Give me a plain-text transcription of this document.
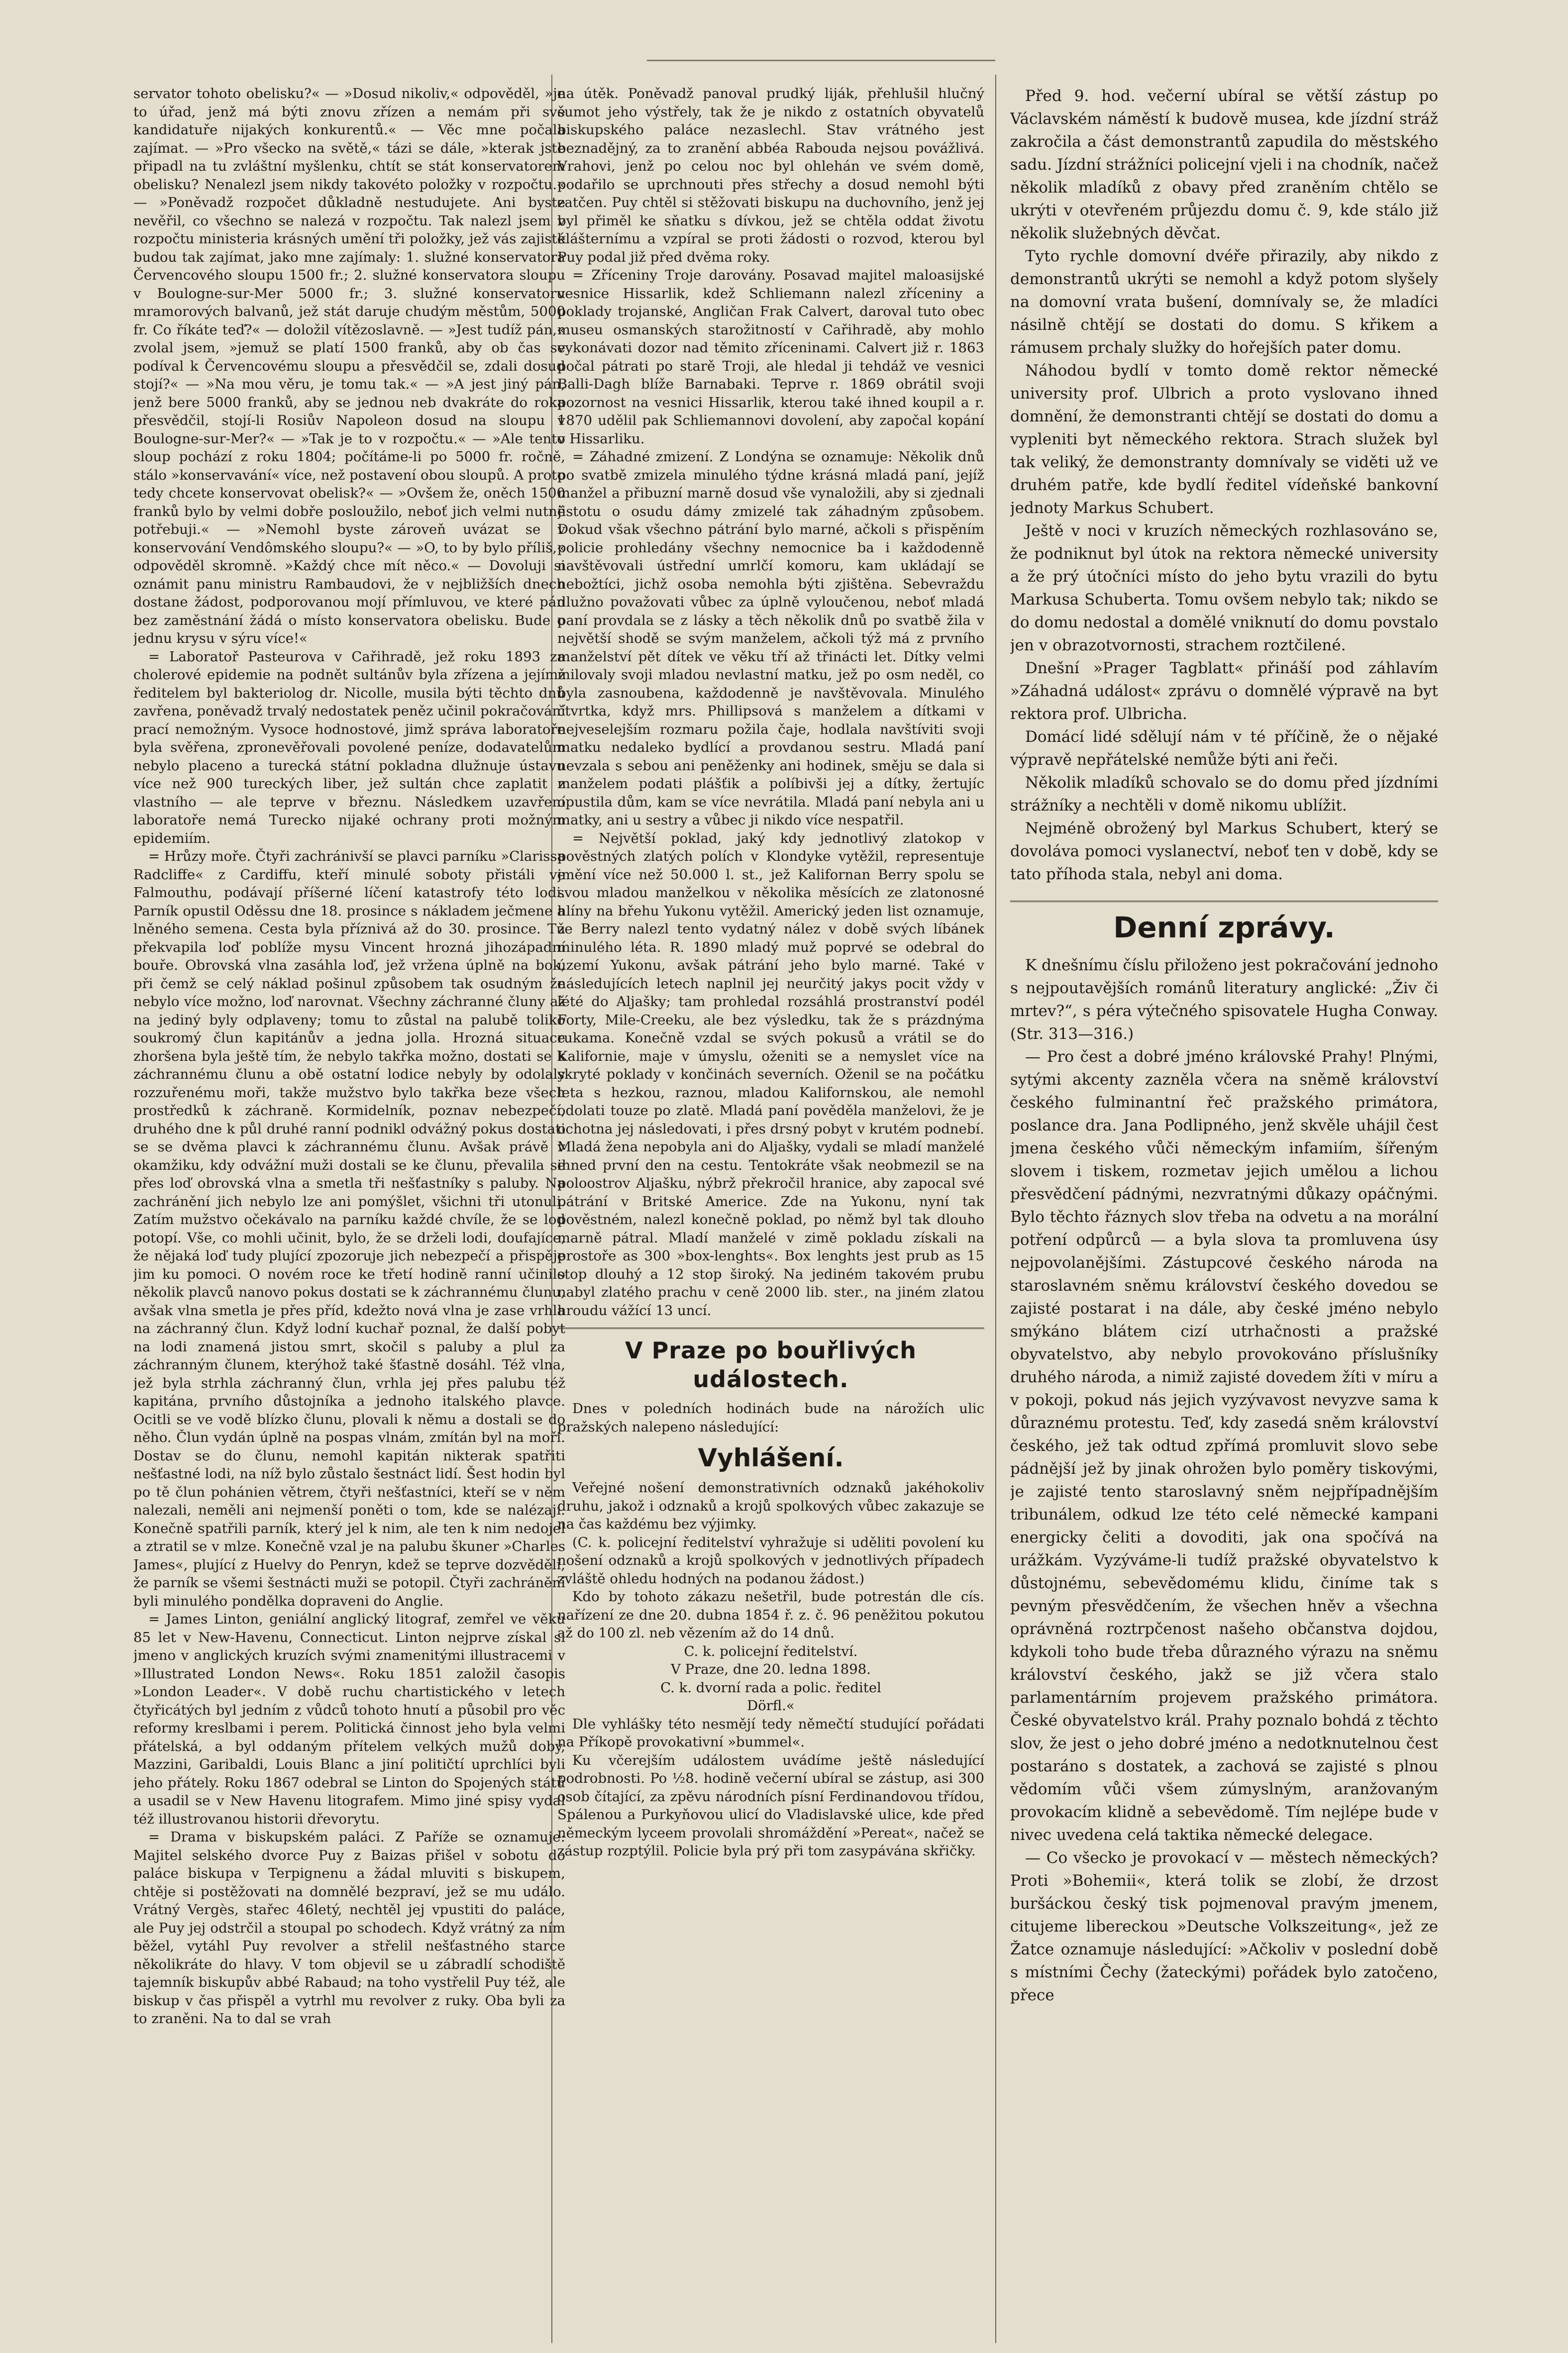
servator tohoto obelisku?« — »Dosud nikoliv,« odpověděl, »je to úřad, jenž má býti znovu zřízen a nemám při své kandidatuře nijakých konkurentů.« — Věc mne počala zajímat. — »Pro všecko na světě,« tázi se dále, »kterak jste připadl na tu zvláštní myšlenku, chtít se stát konservatorem obelisku? Nenalezl jsem nikdy takovéto položky v rozpočtu.« — »Poněvadž rozpočet důkladně nestudujete. Ani byste nevěřil, co všechno se nalezá v rozpočtu. Tak nalezl jsem v rozpočtu ministeria krásných umění tři položky, jež vás zajisté budou tak zajímat, jako mne zajímaly: 1. služné konservatora Červencového sloupu 1500 fr.; 2. služné konservatora sloupu v Boulogne-sur-Mer 5000 fr.; 3. služné konservatoru mramorových balvanů, jež stát daruje chudým městům, 5000 fr. Co říkáte teď?« — doložil vítězoslavně. — »Jest tudíž pán,« zvolal jsem, »jemuž se platí 1500 franků, aby ob čas se podíval k Červencovému sloupu a přesvědčil se, zdali dosud stojí?« — »Na mou věru, je tomu tak.« — »A jest jiný pán, jenž bere 5000 franků, aby se jednou neb dvakráte do roka přesvědčil, stojí-li Rosiův Napoleon dosud na sloupu v Boulogne-sur-Mer?« — »Tak je to v rozpočtu.« — »Ale tento sloup pochází z roku 1804; počítáme-li po 5000 fr. ročně, stálo »konservavání« více, než postavení obou sloupů. A proto tedy chcete konservovat obelisk?« — »Ovšem že, oněch 1500 franků bylo by velmi dobře posloužilo, neboť jich velmi nutně potřebuji.« — »Nemohl byste zároveň uvázat se v konservování Vendômského sloupu?« — »O, to by bylo příliš,« odpověděl skromně. »Každý chce mít něco.« — Dovoluji si oznámit panu ministru Rambaudovi, že v nejbližších dnech dostane žádost, podporovanou mojí přímluvou, ve které pán bez zaměstnání žádá o místo konservatora obelisku. Bude o jednu krysu v sýru více!«

= Laboratoř Pasteurova v Cařihradě, jež roku 1893 za cholerové epidemie na podnět sultánův byla zřízena a jejímž ředitelem byl bakteriolog dr. Nicolle, musila býti těchto dnů zavřena, poněvadž trvalý nedostatek peněz učinil pokračování prací nemožným. Vysoce hodnostové, jimž správa laboratoře byla svěřena, zpronevěřovali povolené peníze, dodavatelům nebylo placeno a turecká státní pokladna dlužnuje ústavu více než 900 tureckých liber, jež sultán chce zaplatit z vlastního — ale teprve v březnu. Následkem uzavření laboratoře nemá Turecko nijaké ochrany proti možným epidemiím.

= Hrůzy moře. Čtyři zachránivší se plavci parníku »Clarissa Radcliffe« z Cardiffu, kteří minulé soboty přistáli ve Falmouthu, podávají příšerné líčení katastrofy této lodi. Parník opustil Oděssu dne 18. prosince s nákladem ječmene a lněného semena. Cesta byla příznivá až do 30. prosince. Tu překvapila loď poblíže mysu Vincent hrozná jihozápadní bouře. Obrovská vlna zasáhla loď, jež vržena úplně na bok, při čemž se celý náklad pošinul způsobem tak osudným že nebylo více možno, loď narovnat. Všechny záchranné čluny až na jediný byly odplaveny; tomu to zůstal na palubě toliko soukromý člun kapitánův a jedna jolla. Hrozná situace zhoršena byla ještě tím, že nebylo takřka možno, dostati se k záchrannému člunu a obě ostatní lodice nebyly by odolaly rozzuřenému moři, takže mužstvo bylo takřka beze všech prostředků k záchraně. Kormidelník, poznav nebezpečí, druhého dne k půl druhé ranní podnikl odvážný pokus dostati se se dvěma plavci k záchrannému člunu. Avšak právě v okamžiku, kdy odvážní muži dostali se ke člunu, převalila se přes loď obrovská vlna a smetla tři nešťastníky s paluby. Na zachránění jich nebylo lze ani pomýšlet, všichni tři utonuli. Zatím mužstvo očekávalo na parníku každé chvíle, že se loď potopí. Vše, co mohli učinit, bylo, že se drželi lodi, doufajíce, že nějaká loď tudy plující zpozoruje jich nebezpečí a přispěje jim ku pomoci. O novém roce ke třetí hodině ranní učinilo několik plavců nanovo pokus dostati se k záchrannému člunu, avšak vlna smetla je přes příd, kdežto nová vlna je zase vrhla na záchranný člun. Když lodní kuchař poznal, že další pobyt na lodi znamená jistou smrt, skočil s paluby a plul za záchranným člunem, kterýhož také šťastně dosáhl. Též vlna, jež byla strhla záchranný člun, vrhla jej přes palubu též kapitána, prvního důstojníka a jednoho italského plavce. Ocitli se ve vodě blízko člunu, plovali k němu a dostali se do něho. Člun vydán úplně na pospas vlnám, zmítán byl na moři. Dostav se do člunu, nemohl kapitán nikterak spatřiti nešťastné lodi, na níž bylo zůstalo šestnáct lidí. Šest hodin byl po tě člun pohánien větrem, čtyři nešťastníci, kteří se v něm nalezali, neměli ani nejmenší poněti o tom, kde se nalézají. Konečně spatřili parník, který jel k nim, ale ten k nim nedojel a ztratil se v mlze. Konečně vzal je na palubu škuner »Charles James«, plující z Huelvy do Penryn, kdež se teprve dozvěděli, že parník se všemi šestnácti muži se potopil. Čtyři zachránění byli minulého pondělka dopraveni do Anglie.

= James Linton, geniální anglický litograf, zemřel ve věku 85 let v New-Havenu, Connecticut. Linton nejprve získal si jmeno v anglických kruzích svými znamenitými illustracemi v »Illustrated London News«. Roku 1851 založil časopis »London Leader«. V době ruchu chartistického v letech čtyřicátých byl jedním z vůdců tohoto hnutí a působil pro věc reformy kreslbami i perem. Politická činnost jeho byla velmi přátelská, a byl oddaným přítelem velkých mužů doby, Mazzini, Garibaldi, Louis Blanc a jiní političtí uprchlíci byli jeho přátely. Roku 1867 odebral se Linton do Spojených států a usadil se v New Havenu litografem. Mimo jiné spisy vydal též illustrovanou historii dřevorytu.

= Drama v biskupském paláci. Z Paříže se oznamuje: Majitel selského dvorce Puy z Baizas přišel v sobotu do paláce biskupa v Terpignenu a žádal mluviti s biskupem, chtěje si postěžovati na domnělé bezpraví, jež se mu událo. Vrátný Vergès, stařec 46letý, nechtěl jej vpustiti do paláce, ale Puy jej odstrčil a stoupal po schodech. Když vrátný za ním běžel, vytáhl Puy revolver a střelil nešťastného starce několikráte do hlavy. V tom objevil se u zábradlí schodiště tajemník biskupův abbé Rabaud; na toho vystřelil Puy též, ale biskup v čas přispěl a vytrhl mu revolver z ruky. Oba byli za to zraněni. Na to dal se vrah

na útěk. Poněvadž panoval prudký liják, přehlušil hlučný šumot jeho výstřely, tak že je nikdo z ostatních obyvatelů biskupského paláce nezaslechl. Stav vrátného jest beznadějný, za to zranění abbéa Rabouda nejsou povážlivá. Vrahovi, jenž po celou noc byl ohlehán ve svém domě, podařilo se uprchnouti přes střechy a dosud nemohl býti zatčen. Puy chtěl si stěžovati biskupu na duchovního, jenž jej byl přiměl ke sňatku s dívkou, jež se chtěla oddat životu klášternímu a vzpíral se proti žádosti o rozvod, kterou byl Puy podal již před dvěma roky.

= Zříceniny Troje darovány. Posavad majitel maloasijské vesnice Hissarlik, kdež Schliemann nalezl zříceniny a poklady trojanské, Angličan Frak Calvert, daroval tuto obec museu osmanských starožitností v Cařihradě, aby mohlo vykonávati dozor nad těmito zříceninami. Calvert již r. 1863 počal pátrati po starě Troji, ale hledal ji tehdáž ve vesnici Balli-Dagh blíže Barnabaki. Teprve r. 1869 obrátil svoji pozornost na vesnici Hissarlik, kterou také ihned koupil a r. 1870 udělil pak Schliemannovi dovolení, aby započal kopání v Hissarliku.

= Záhadné zmizení. Z Londýna se oznamuje: Několik dnů po svatbě zmizela minulého týdne krásná mladá paní, jejíž manžel a přibuzní marně dosud vše vynaložili, aby si zjednali jistotu o osudu dámy zmizelé tak záhadným způsobem. Dokud však všechno pátrání bylo marné, ačkoli s přispěním policie prohledány všechny nemocnice ba i každodenně navštěvovali ústřední umrlčí komoru, kam ukládají se nebožtíci, jichž osoba nemohla býti zjištěna. Sebevraždu dlužno považovati vůbec za úplně vyloučenou, neboť mladá paní provdala se z lásky a těch několik dnů po svatbě žila v největší shodě se svým manželem, ačkoli týž má z prvního manželství pět dítek ve věku tří až třinácti let. Dítky velmi milovaly svoji mladou nevlastní matku, jež po osm neděl, co byla zasnoubena, každodenně je navštěvovala. Minulého čtvrtka, když mrs. Phillipsová s manželem a dítkami v nejveselejším rozmaru požila čaje, hodlala navštíviti svoji matku nedaleko bydlící a provdanou sestru. Mladá paní nevzala s sebou ani peněženky ani hodinek, směju se dala si manželem podati plášťik a políbivši jej a dítky, žertujíc opustila dům, kam se více nevrátila. Mladá paní nebyla ani u matky, ani u sestry a vůbec ji nikdo více nespatřil.

= Největší poklad, jaký kdy jednotlivý zlatokop v pověstných zlatých polích v Klondyke vytěžil, representuje jmění více než 50.000 l. st., jež Kalifornan Berry spolu se svou mladou manželkou v několika měsících ze zlatonosné hlíny na břehu Yukonu vytěžil. Americký jeden list oznamuje, že Berry nalezl tento vydatný nález v době svých líbánek minulého léta. R. 1890 mladý muž poprvé se odebral do území Yukonu, avšak pátrání jeho bylo marné. Také v následujících letech naplnil jej neurčitý jakys pocit vždy v lété do Aljašky; tam prohledal rozsáhlá prostranství podél Forty, Mile-Creeku, ale bez výsledku, tak že s prázdnýma rukama. Konečně vzdal se svých pokusů a vrátil se do Kalifornie, maje v úmyslu, oženiti se a nemyslet více na skryté poklady v končinách severních. Oženil se na počátku leta s hezkou, raznou, mladou Kalifornskou, ale nemohl odolati touze po zlatě. Mladá paní pověděla manželovi, že je ochotna jej následovati, i přes drsný pobyt v krutém podnebí. Mladá žena nepobyla ani do Aljašky, vydali se mladí manželé ihned první den na cestu. Tentokráte však neobmezil se na poloostrov Aljašku, nýbrž překročil hranice, aby zapocal své pátrání v Britské Americe. Zde na Yukonu, nyní tak pověstném, nalezl konečně poklad, po němž byl tak dlouho marně pátral. Mladí manželé v zimě pokladu získali na prostoře as 300 »box-lenghts«. Box lenghts jest prub as 15 stop dlouhý a 12 stop široký. Na jediném takovém prubu nabyl zlatého prachu v ceně 2000 lib. ster., na jiném zlatou hroudu vážící 13 uncí.

V Praze po bouřlivých událostech.

Dnes v poledních hodinách bude na nárožích ulic pražských nalepeno následující:

Vyhlášení.

Veřejné nošení demonstrativních odznaků jakéhokoliv druhu, jakož i odznaků a krojů spolkových vůbec zakazuje se na čas každému bez výjimky.

(C. k. policejní ředitelství vyhražuje si uděliti povolení ku nošení odznaků a krojů spolkových v jednotlivých případech zvláště ohledu hodných na podanou žádost.)

Kdo by tohoto zákazu nešetřil, bude potrestán dle cís. nařízení ze dne 20. dubna 1854 ř. z. č. 96 peněžitou pokutou až do 100 zl. neb vězením až do 14 dnů.

C. k. policejní ředitelství.

V Praze, dne 20. ledna 1898.

C. k. dvorní rada a polic. ředitel

Dörfl.«

Dle vyhlášky této nesmějí tedy němečtí studující pořádati na Příkopě provokativní »bummel«.

Ku včerejším událostem uvádíme ještě následující podrobnosti. Po ½8. hodině večerní ubíral se zástup, asi 300 osob čítající, za zpěvu národních písní Ferdinandovou třídou, Spálenou a Purkyňovou ulicí do Vladislavské ulice, kde před německým lyceem provolali shromáždění »Pereat«, načež se zástup rozptýlil. Policie byla prý při tom zasypávána skřičky.

Před 9. hod. večerní ubíral se větší zástup po Václavském náměstí k budově musea, kde jízdní stráž zakročila a část demonstrantů zapudila do městského sadu. Jízdní strážníci policejní vjeli i na chodník, načež několik mladíků z obavy před zraněním chtělo se ukrýti v otevřeném průjezdu domu č. 9, kde stálo již několik služebných děvčat.

Tyto rychle domovní dvéře přirazily, aby nikdo z demonstrantů ukrýti se nemohl a když potom slyšely na domovní vrata bušení, domnívaly se, že mladíci násilně chtějí se dostati do domu. S křikem a rámusem prchaly služky do hořejších pater domu.

Náhodou bydlí v tomto domě rektor německé university prof. Ulbrich a proto vyslovano ihned domnění, že demonstranti chtějí se dostati do domu a vypleniti byt německého rektora. Strach služek byl tak veliký, že demonstranty domnívaly se viděti už ve druhém patře, kde bydlí ředitel vídeňské bankovní jednoty Markus Schubert.

Ještě v noci v kruzích německých rozhlasováno se, že podniknut byl útok na rektora německé university a že prý útočníci místo do jeho bytu vrazili do bytu Markusa Schuberta. Tomu ovšem nebylo tak; nikdo se do domu nedostal a domělé vniknutí do domu povstalo jen v obrazotvornosti, strachem roztčilené.

Dnešní »Prager Tagblatt« přináší pod záhlavím »Záhadná událost« zprávu o domnělé výpravě na byt rektora prof. Ulbricha.

Domácí lidé sdělují nám v té příčině, že o nějaké výpravě nepřátelské nemůže býti ani řeči.

Několik mladíků schovalo se do domu před jízdními strážníky a nechtěli v domě nikomu ublížit.

Nejméně obrožený byl Markus Schubert, který se dovoláva pomoci vyslanectví, neboť ten v době, kdy se tato příhoda stala, nebyl ani doma.

Denní zprávy.

K dnešnímu číslu přiloženo jest pokračování jednoho s nejpoutavějších románů literatury anglické: „Živ či mrtev?“, s péra výtečného spisovatele Hugha Conway. (Str. 313—316.)

— Pro čest a dobré jméno královské Prahy! Plnými, sytými akcenty zazněla včera na sněmě království českého fulminantní řeč pražského primátora, poslance dra. Jana Podlipného, jenž skvěle uhájil čest jmena českého vůči německým infamiím, šířeným slovem i tiskem, rozmetav jejich umělou a lichou přesvědčení pádnými, nezvratnými důkazy opáčnými. Bylo těchto řáznych slov třeba na odvetu a na morální potření odpůrců — a byla slova ta promluvena úsy nejpovolanějšími. Zástupcové českého národa na staroslavném sněmu království českého dovedou se zajisté postarat i na dále, aby české jméno nebylo smýkáno blátem cizí utrhačnosti a pražské obyvatelstvo, aby nebylo provokováno příslušníky druhého národa, a nimiž zajisté dovedem žíti v míru a v pokoji, pokud nás jejich vyzývavost nevyzve sama k důraznému protestu. Teď, kdy zasedá sněm království českého, jež tak odtud zpřímá promluvit slovo sebe pádnější jež by jinak ohrožen bylo poměry tiskovými, je zajisté tento staroslavný sněm nejpřípadnějším tribunálem, odkud lze této celé německé kampani energicky čeliti a dovoditi, jak ona spočívá na urážkám. Vyzýváme-li tudíž pražské obyvatelstvo k důstojnému, sebevědomému klidu, činíme tak s pevným přesvědčením, že všechen hněv a všechna oprávněná roztrpčenost našeho občanstva dojdou, kdykoli toho bude třeba důrazného výrazu na sněmu království českého, jakž se již včera stalo parlamentárním projevem pražského primátora. České obyvatelstvo král. Prahy poznalo bohdá z těchto slov, že jest o jeho dobré jméno a nedotknutelnou čest postaráno s dostatek, a zachová se zajisté s plnou vědomím vůči všem zúmyslným, aranžovaným provokacím klidně a sebevědomě. Tím nejlépe bude v nivec uvedena celá taktika německé delegace.

— Co všecko je provokací v — městech německých? Proti »Bohemii«, která tolik se zlobí, že drzost buršáckou český tisk pojmenoval pravým jmenem, citujeme libereckou »Deutsche Volkszeitung«, jež ze Žatce oznamuje následující: »Ačkoliv v poslední době s místními Čechy (žateckými) pořádek bylo zatočeno, přece
